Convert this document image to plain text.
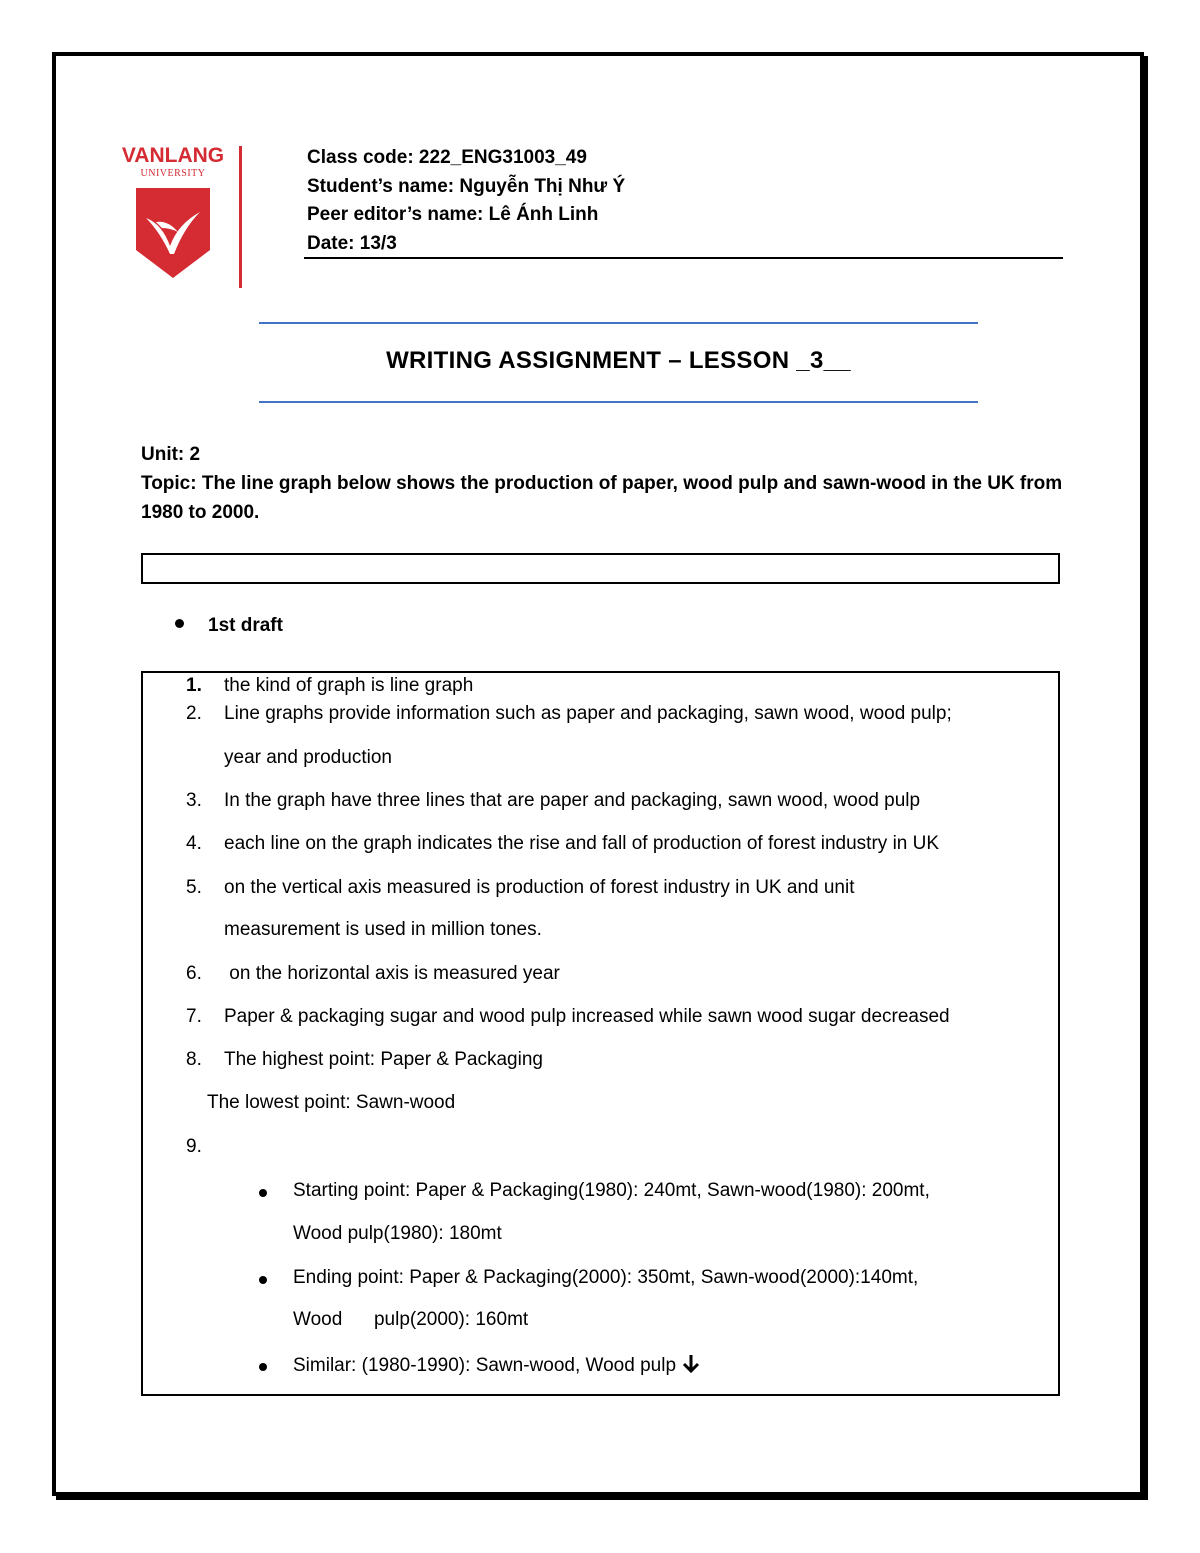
VANLANG
UNIVERSITY
Class code: 222_ENG31003_49
Student’s name: Nguyễn Thị Như Ý
Peer editor’s name: Lê Ánh Linh
Date: 13/3
WRITING ASSIGNMENT – LESSON _3__
Unit: 2
Topic: The line graph below shows the production of paper, wood pulp and sawn-wood in the UK from 1980 to 2000.
1st draft
1. the kind of graph is line graph
2. Line graphs provide information such as paper and packaging, sawn wood, wood pulp;
year and production
3. In the graph have three lines that are paper and packaging, sawn wood, wood pulp
4. each line on the graph indicates the rise and fall of production of forest industry in UK
5. on the vertical axis measured is production of forest industry in UK and unit
measurement is used in million tones.
6. on the horizontal axis is measured year
7. Paper & packaging sugar and wood pulp increased while sawn wood sugar decreased
8. The highest point: Paper & Packaging
The lowest point: Sawn-wood
9.
Starting point: Paper & Packaging(1980): 240mt, Sawn-wood(1980): 200mt,
Wood pulp(1980): 180mt
Ending point: Paper & Packaging(2000): 350mt, Sawn-wood(2000):140mt,
Wood      pulp(2000): 160mt
Similar: (1980-1990): Sawn-wood, Wood pulp
